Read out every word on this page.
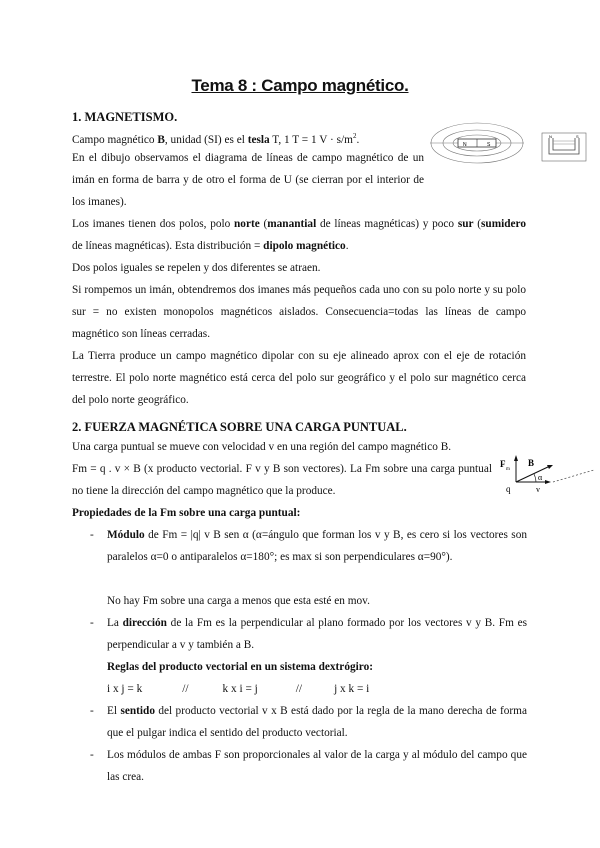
Tema 8 : Campo magnético.
1. MAGNETISMO.
Campo magnético B, unidad (SI) es el tesla T, 1 T = 1 $V \cdot s/m^2$.
En el dibujo observamos el diagrama de líneas de campo magnético de un imán en forma de barra y de otro el forma de U (se cierran por el interior de los imanes).
Los imanes tienen dos polos, polo norte (manantial de líneas magnéticas) y poco sur (sumidero de líneas magnéticas). Esta distribución = dipolo magnético.
Dos polos iguales se repelen y dos diferentes se atraen.
Si rompemos un imán, obtendremos dos imanes más pequeños cada uno con su polo norte y su polo sur = no existen monopolos magnéticos aislados. Consecuencia=todas las líneas de campo magnético son líneas cerradas.
La Tierra produce un campo magnético dipolar con su eje alineado aprox con el eje de rotación terrestre. El polo norte magnético está cerca del polo sur geográfico y el polo sur magnético cerca del polo norte geográfico.
N	S
N	S
2. FUERZA MAGNÉTICA SOBRE UNA CARGA PUNTUAL.
Una carga puntual se mueve con velocidad v en una región del campo magnético B.
Fm = q . v × B (x producto vectorial. F v y B son vectores). La Fm sobre una carga puntual no tiene la dirección del campo magnético que la produce.
F
m
B
α
q	v
Propiedades de la Fm sobre una carga puntual:
- Módulo de Fm = |q| v B sen α (α=ángulo que forman los v y B, es cero si los vectores son paralelos α=0 o antiparalelos α=180°; es max si son perpendiculares α=90°).
No hay Fm sobre una carga a menos que esta esté en mov.
- La dirección de la Fm es la perpendicular al plano formado por los vectores v y B. Fm es perpendicular a v y también a B.
Reglas del producto vectorial en un sistema dextrógiro:
i x j = k	//	k x i = j	//	j x k = i
- El sentido del producto vectorial v x B está dado por la regla de la mano derecha de forma que el pulgar indica el sentido del producto vectorial.
- Los módulos de ambas F son proporcionales al valor de la carga y al módulo del campo que las crea.
